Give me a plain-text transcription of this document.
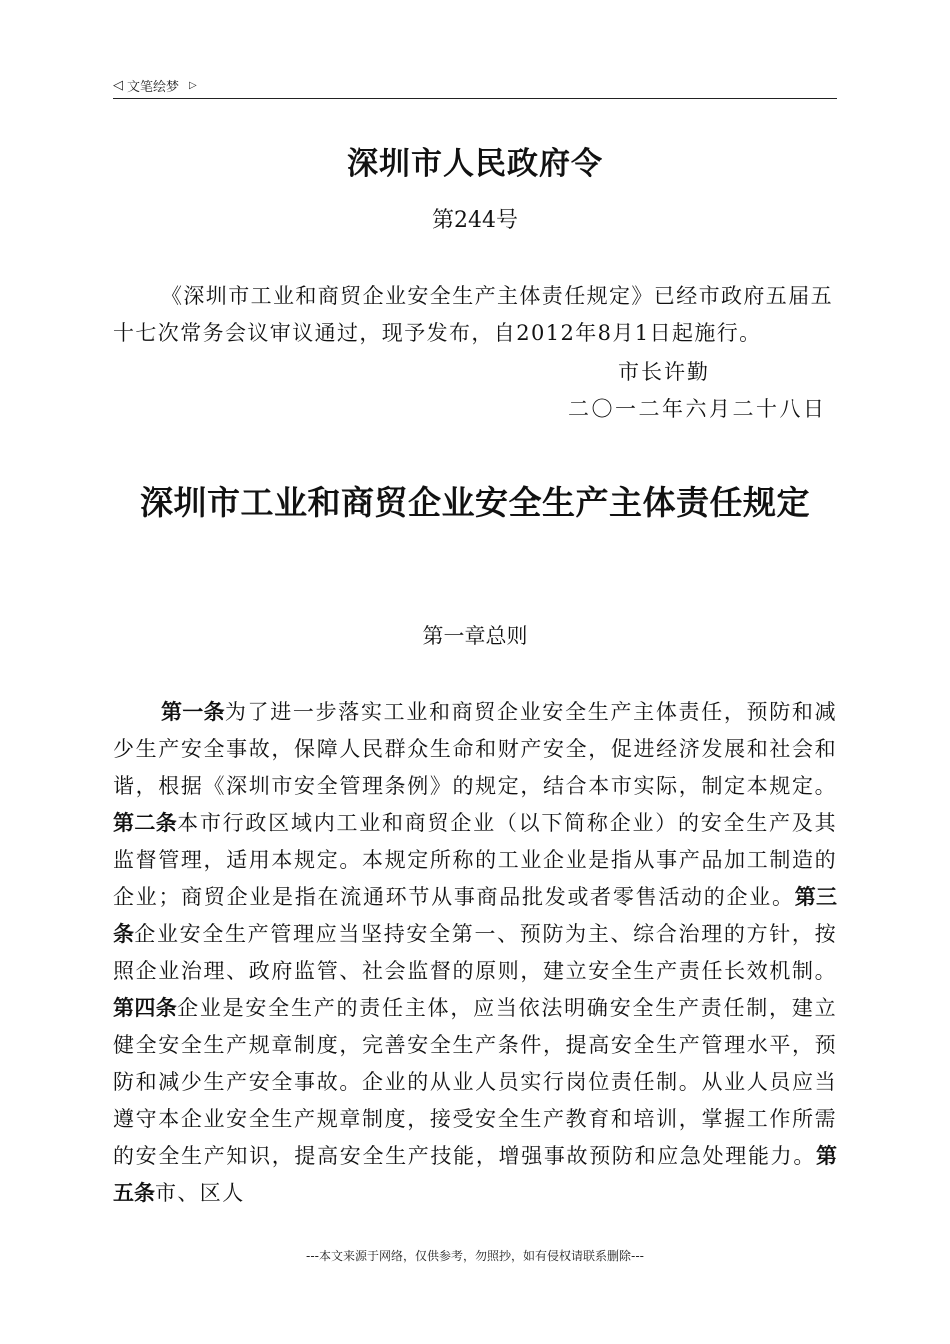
◁ 文笔绘梦 ▷
深圳市人民政府令
第244号

《深圳市工业和商贸企业安全生产主体责任规定》已经市政府五届五十七次常务会议审议通过，现予发布，自2012年8月1日起施行。

市长许勤
二〇一二年六月二十八日
深圳市工业和商贸企业安全生产主体责任规定
第一章总则

第一条为了进一步落实工业和商贸企业安全生产主体责任，预防和减少生产安全事故，保障人民群众生命和财产安全，促进经济发展和社会和谐，根据《深圳市安全管理条例》的规定，结合本市实际，制定本规定。第二条本市行政区域内工业和商贸企业（以下简称企业）的安全生产及其监督管理，适用本规定。本规定所称的工业企业是指从事产品加工制造的企业；商贸企业是指在流通环节从事商品批发或者零售活动的企业。第三条企业安全生产管理应当坚持安全第一、预防为主、综合治理的方针，按照企业治理、政府监管、社会监督的原则，建立安全生产责任长效机制。第四条企业是安全生产的责任主体，应当依法明确安全生产责任制，建立健全安全生产规章制度，完善安全生产条件，提高安全生产管理水平，预防和减少生产安全事故。企业的从业人员实行岗位责任制。从业人员应当遵守本企业安全生产规章制度，接受安全生产教育和培训，掌握工作所需的安全生产知识，提高安全生产技能，增强事故预防和应急处理能力。第五条市、区人

---本文来源于网络，仅供参考，勿照抄，如有侵权请联系删除---
